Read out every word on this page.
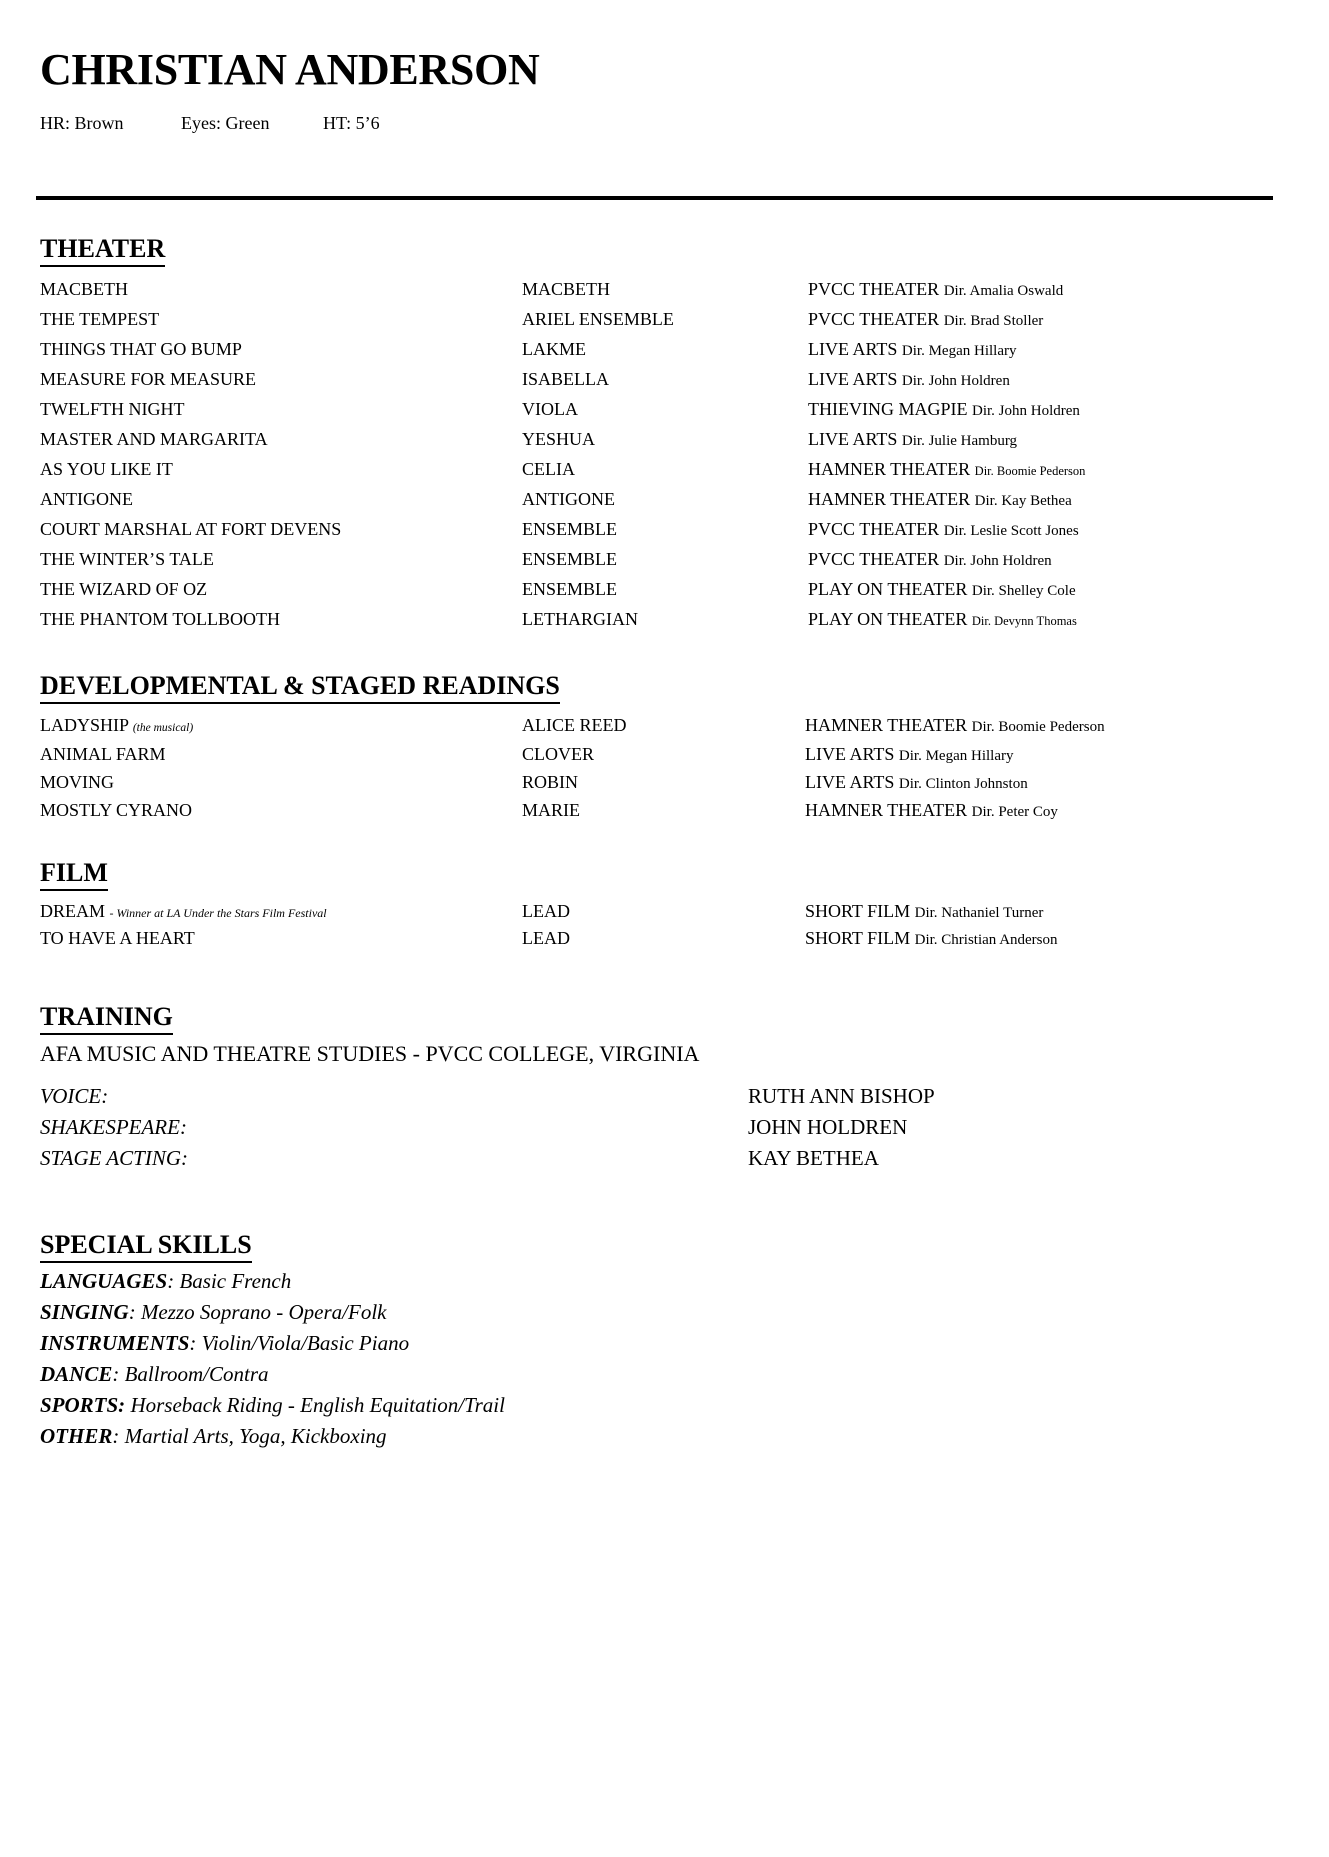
CHRISTIAN ANDERSON
HR: Brown	Eyes: Green	HT: 5’6
THEATER
MACBETH	MACBETH	PVCC THEATER Dir. Amalia Oswald
THE TEMPEST	ARIEL ENSEMBLE	PVCC THEATER Dir. Brad Stoller
THINGS THAT GO BUMP	LAKME	LIVE ARTS Dir. Megan Hillary
MEASURE FOR MEASURE	ISABELLA	LIVE ARTS Dir. John Holdren
TWELFTH NIGHT	VIOLA	THIEVING MAGPIE Dir. John Holdren
MASTER AND MARGARITA	YESHUA	LIVE ARTS Dir. Julie Hamburg
AS YOU LIKE IT	CELIA	HAMNER THEATER Dir. Boomie Pederson
ANTIGONE	ANTIGONE	HAMNER THEATER Dir. Kay Bethea
COURT MARSHAL AT FORT DEVENS	ENSEMBLE	PVCC THEATER Dir. Leslie Scott Jones
THE WINTER’S TALE	ENSEMBLE	PVCC THEATER Dir. John Holdren
THE WIZARD OF OZ	ENSEMBLE	PLAY ON THEATER Dir. Shelley Cole
THE PHANTOM TOLLBOOTH	LETHARGIAN	PLAY ON THEATER Dir. Devynn Thomas
DEVELOPMENTAL & STAGED READINGS
LADYSHIP (the musical)	ALICE REED	HAMNER THEATER Dir. Boomie Pederson
ANIMAL FARM	CLOVER	LIVE ARTS Dir. Megan Hillary
MOVING	ROBIN	LIVE ARTS Dir. Clinton Johnston
MOSTLY CYRANO	MARIE	HAMNER THEATER Dir. Peter Coy
FILM
DREAM - Winner at LA Under the Stars Film Festival	LEAD	SHORT FILM Dir. Nathaniel Turner
TO HAVE A HEART	LEAD	SHORT FILM Dir. Christian Anderson
TRAINING
AFA MUSIC AND THEATRE STUDIES - PVCC COLLEGE, VIRGINIA
VOICE:	RUTH ANN BISHOP
SHAKESPEARE:	JOHN HOLDREN
STAGE ACTING:	KAY BETHEA
SPECIAL SKILLS
LANGUAGES: Basic French
SINGING: Mezzo Soprano - Opera/Folk
INSTRUMENTS: Violin/Viola/Basic Piano
DANCE: Ballroom/Contra
SPORTS: Horseback Riding - English Equitation/Trail
OTHER: Martial Arts, Yoga, Kickboxing
